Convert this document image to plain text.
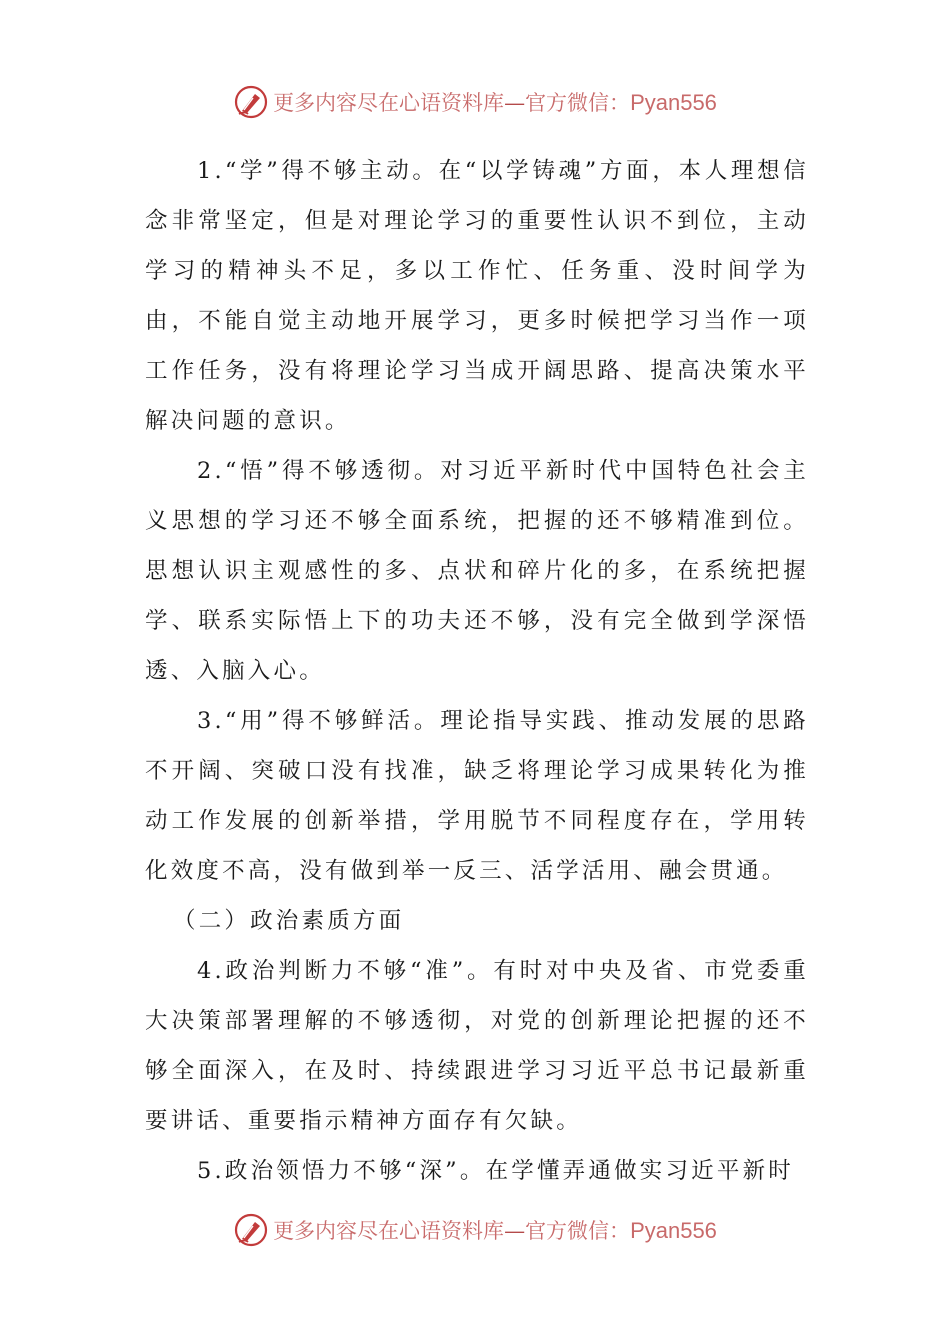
更多内容尽在心语资料库—官方微信：Pyan556

1.“学”得不够主动。在“以学铸魂”方面，本人理想信念非常坚定，但是对理论学习的重要性认识不到位，主动学习的精神头不足，多以工作忙、任务重、没时间学为由，不能自觉主动地开展学习，更多时候把学习当作一项工作任务，没有将理论学习当成开阔思路、提高决策水平解决问题的意识。

2.“悟”得不够透彻。对习近平新时代中国特色社会主义思想的学习还不够全面系统，把握的还不够精准到位。思想认识主观感性的多、点状和碎片化的多，在系统把握学、联系实际悟上下的功夫还不够，没有完全做到学深悟透、入脑入心。

3.“用”得不够鲜活。理论指导实践、推动发展的思路不开阔、突破口没有找准，缺乏将理论学习成果转化为推动工作发展的创新举措，学用脱节不同程度存在，学用转化效度不高，没有做到举一反三、活学活用、融会贯通。

（二）政治素质方面

4.政治判断力不够“准”。有时对中央及省、市党委重大决策部署理解的不够透彻，对党的创新理论把握的还不够全面深入，在及时、持续跟进学习习近平总书记最新重要讲话、重要指示精神方面存有欠缺。

5.政治领悟力不够“深”。在学懂弄通做实习近平新时

更多内容尽在心语资料库—官方微信：Pyan556
